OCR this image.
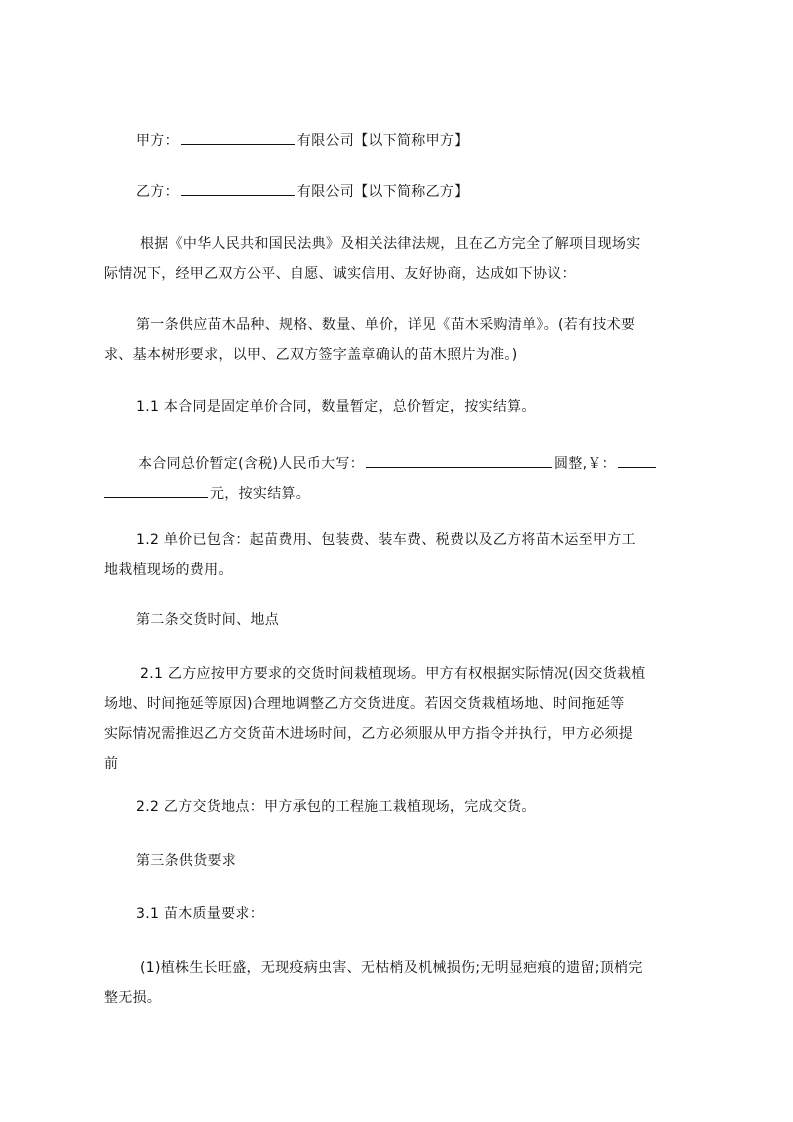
甲方：	有限公司【以下简称甲方】
乙方：	有限公司【以下简称乙方】
根据《中华人民共和国民法典》及相关法律法规，且在乙方完全了解项目现场实
际情况下，经甲乙双方公平、自愿、诚实信用、友好协商，达成如下协议：
第一条供应苗木品种、规格、数量、单价，详见《苗木采购清单》。(若有技术要
求、基本树形要求，以甲、乙双方签字盖章确认的苗木照片为准。)
1.1 本合同是固定单价合同，数量暂定，总价暂定，按实结算。
本合同总价暂定(含税)人民币大写：	圆整,￥：
元，按实结算。
1.2 单价已包含：起苗费用、包装费、装车费、税费以及乙方将苗木运至甲方工
地栽植现场的费用。
第二条交货时间、地点
2.1 乙方应按甲方要求的交货时间栽植现场。甲方有权根据实际情况(因交货栽植
场地、时间拖延等原因)合理地调整乙方交货进度。若因交货栽植场地、时间拖延等
实际情况需推迟乙方交货苗木进场时间，乙方必须服从甲方指令并执行，甲方必须提
前
2.2 乙方交货地点：甲方承包的工程施工栽植现场，完成交货。
第三条供货要求
3.1 苗木质量要求：
(1)植株生长旺盛，无现疫病虫害、无枯梢及机械损伤;无明显疤痕的遗留;顶梢完
整无损。
